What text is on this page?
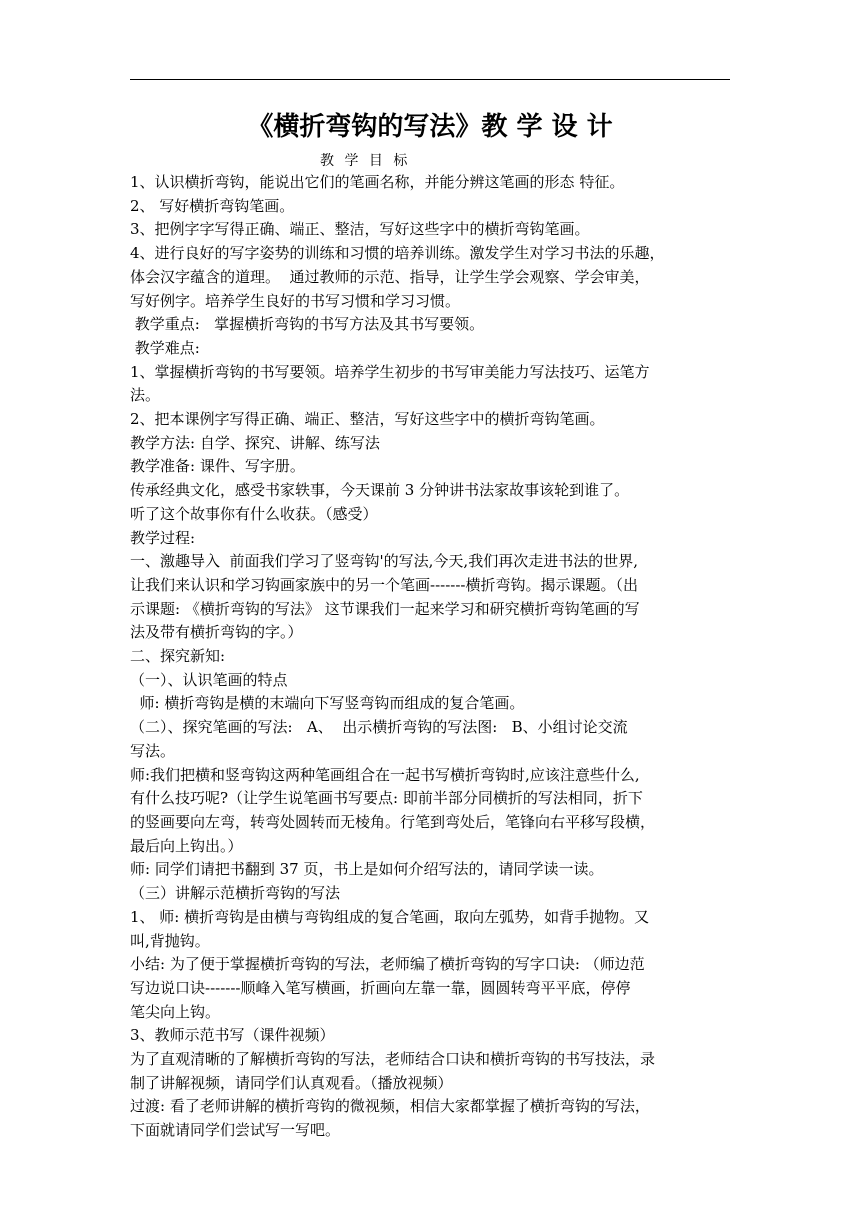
《横折弯钩的写法》教 学 设 计
教 学 目 标

1、认识横折弯钩，能说出它们的笔画名称，并能分辨这笔画的形态 特征。

2、 写好横折弯钩笔画。

3、把例字字写得正确、端正、整洁，写好这些字中的横折弯钩笔画。

4、进行良好的写字姿势的训练和习惯的培养训练。激发学生对学习书法的乐趣，

体会汉字蕴含的道理。  通过教师的示范、指导，让学生学会观察、学会审美，

写好例字。培养学生良好的书写习惯和学习习惯。

教学重点:   掌握横折弯钩的书写方法及其书写要领。

教学难点:

1、掌握横折弯钩的书写要领。培养学生初步的书写审美能力写法技巧、运笔方

法。

2、把本课例字写得正确、端正、整洁，写好这些字中的横折弯钩笔画。

教学方法: 自学、探究、讲解、练写法

教学准备: 课件、写字册。

传承经典文化，感受书家轶事，今天课前 3 分钟讲书法家故事该轮到谁了。

听了这个故事你有什么收获。（感受）

教学过程:

一、激趣导入  前面我们学习了竖弯钩'的写法,今天,我们再次走进书法的世界,

让我们来认识和学习钩画家族中的另一个笔画-------横折弯钩。揭示课题。（出

示课题: 《横折弯钩的写法》 这节课我们一起来学习和研究横折弯钩笔画的写

法及带有横折弯钩的字。）

二、探究新知:

（一）、认识笔画的特点

师: 横折弯钩是横的末端向下写竖弯钩而组成的复合笔画。

（二）、探究笔画的写法:   A、  出示横折弯钩的写法图:   B、小组讨论交流

写法。

师:我们把横和竖弯钩这两种笔画组合在一起书写横折弯钩时,应该注意些什么,

有什么技巧呢?（让学生说笔画书写要点: 即前半部分同横折的写法相同，折下

的竖画要向左弯，转弯处圆转而无棱角。行笔到弯处后，笔锋向右平移写段横，

最后向上钩出。）

师: 同学们请把书翻到 37 页，书上是如何介绍写法的，请同学读一读。

（三）讲解示范横折弯钩的写法

1、 师: 横折弯钩是由横与弯钩组成的复合笔画，取向左弧势，如背手抛物。又

叫,背抛钩。

小结: 为了便于掌握横折弯钩的写法，老师编了横折弯钩的写字口诀: （师边范

写边说口诀-------顺峰入笔写横画，折画向左靠一靠，圆圆转弯平平底，停停

笔尖向上钩。

3、教师示范书写（课件视频）

为了直观清晰的了解横折弯钩的写法，老师结合口诀和横折弯钩的书写技法，录

制了讲解视频，请同学们认真观看。（播放视频）

过渡: 看了老师讲解的横折弯钩的微视频，相信大家都掌握了横折弯钩的写法，

下面就请同学们尝试写一写吧。
